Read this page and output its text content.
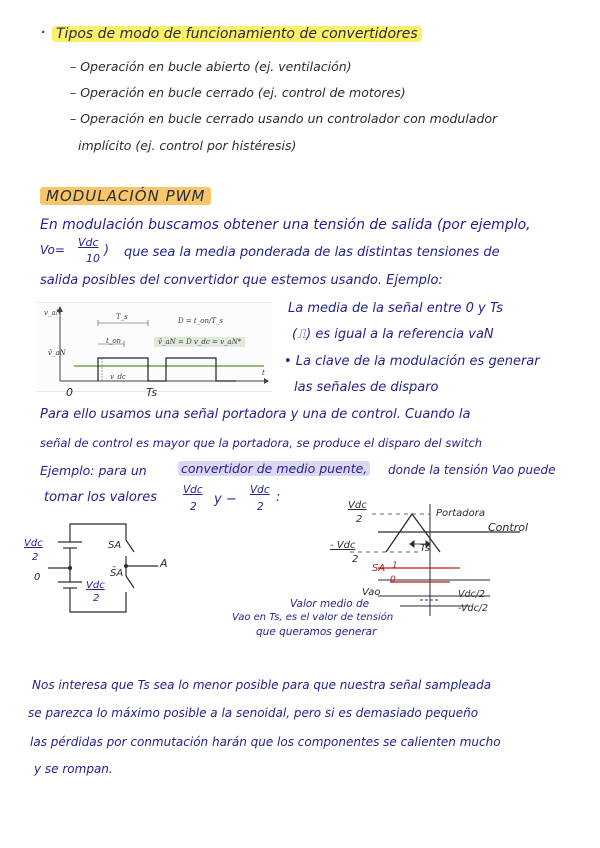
· Tipos de modo de funcionamiento de convertidores
– Operación en bucle abierto (ej. ventilación)
– Operación en bucle cerrado (ej. control de motores)
– Operación en bucle cerrado usando un controlador con modulador
implícito (ej. control por histéresis)
MODULACIÓN PWM
En modulación buscamos obtener una tensión de salida (por ejemplo,
Vo=
Vdc
10
) que sea la media ponderada de las distintas tensiones de
salida posibles del convertidor que estemos usando. Ejemplo:
v_aN	T_s	D = t_on/T_s
v̄_aN = D v_dc = v_aN*
t_on
v̄_aN
v_dc	t
0	Ts
La media de la señal entre 0 y Ts
(⎍) es igual a la referencia vaN
• La clave de la modulación es generar
las señales de disparo
Para ello usamos una señal portadora y una de control. Cuando la
señal de control es mayor que la portadora, se produce el disparo del switch
Ejemplo: para un	convertidor de medio puente, donde la tensión Vao puede
tomar los valores Vdc
2 y −
Vdc
2
:
Vdc
2
0
Vdc
2
SA
S̄A
A
Vdc
2
Portadora
Control
- Vdc
2
Ts
SA 1
0
Vao	Vdc/2
-Vdc/2
Valor medio de
Vao en Ts, es el valor de tensión
que queramos generar
Nos interesa que Ts sea lo menor posible para que nuestra señal sampleada
se parezca lo máximo posible a la senoidal, pero si es demasiado pequeño
las pérdidas por conmutación harán que los componentes se calienten mucho
y se rompan.
